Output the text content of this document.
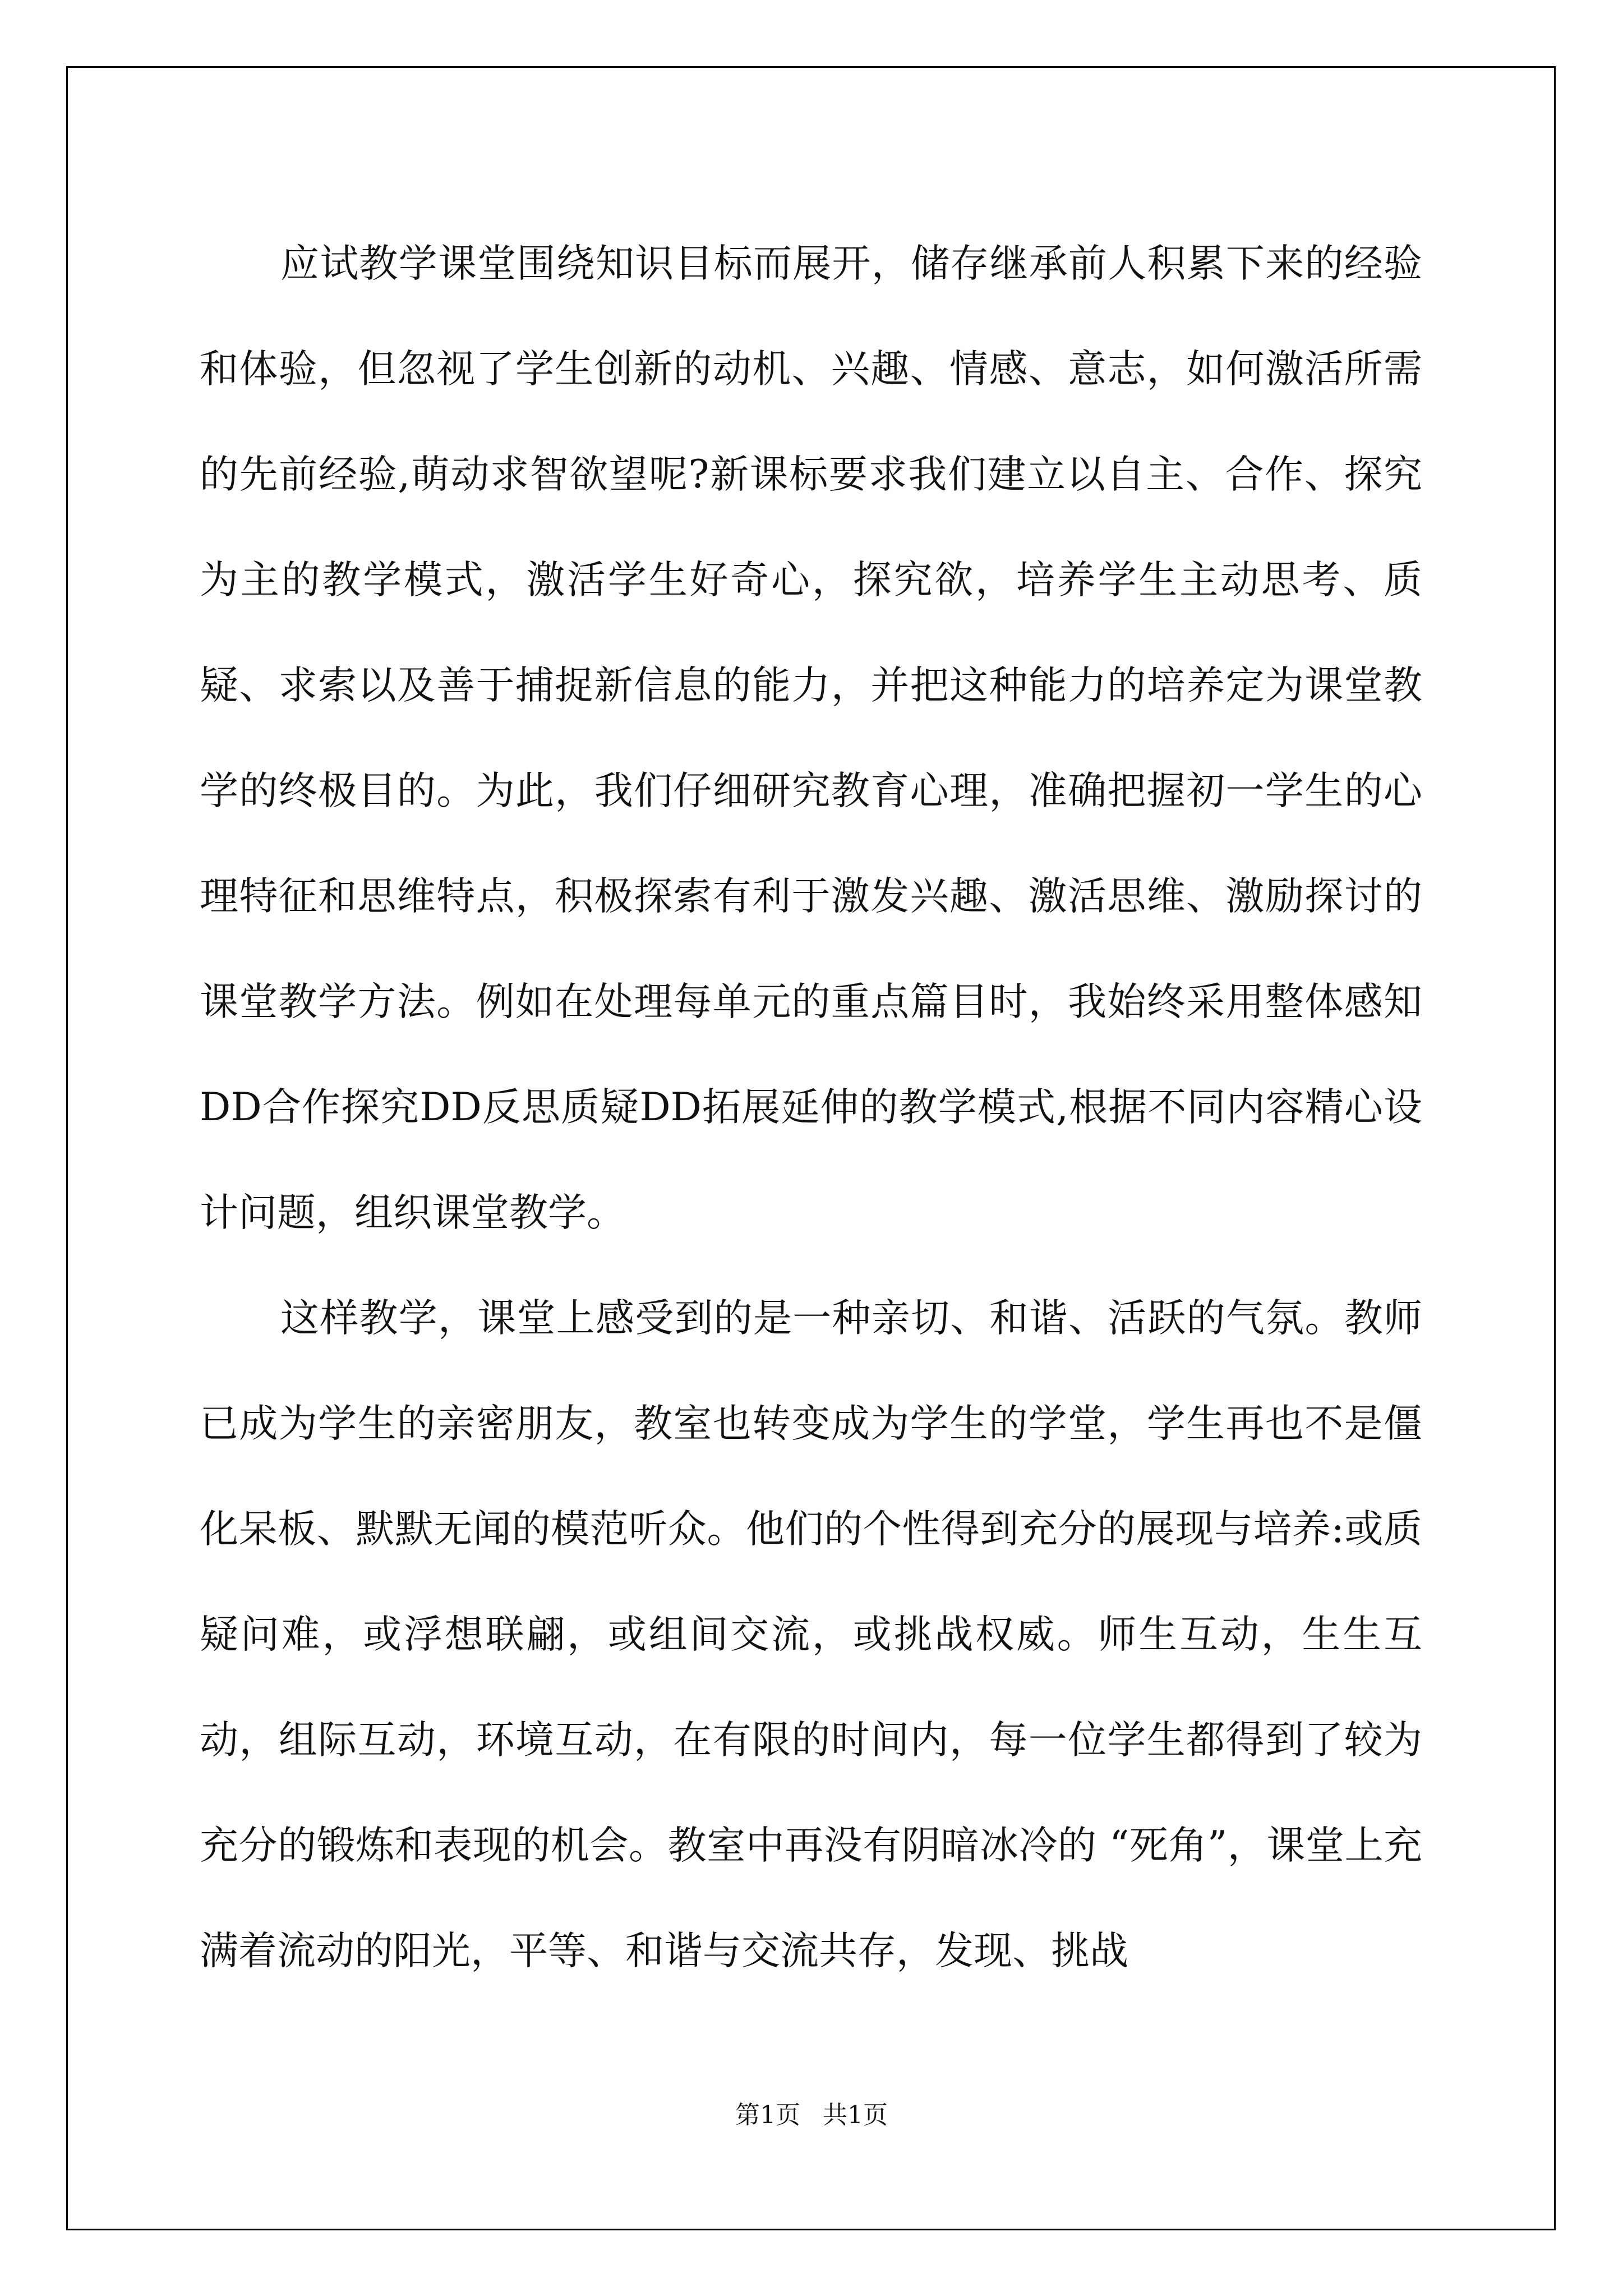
应试教学课堂围绕知识目标而展开，储存继承前人积累下来的经验和体验，但忽视了学生创新的动机、兴趣、情感、意志，如何激活所需的先前经验,萌动求智欲望呢?新课标要求我们建立以自主、合作、探究为主的教学模式，激活学生好奇心，探究欲，培养学生主动思考、质疑、求索以及善于捕捉新信息的能力，并把这种能力的培养定为课堂教学的终极目的。为此，我们仔细研究教育心理，准确把握初一学生的心理特征和思维特点，积极探索有利于激发兴趣、激活思维、激励探讨的课堂教学方法。例如在处理每单元的重点篇目时，我始终采用整体感知DD合作探究DD反思质疑DD拓展延伸的教学模式,根据不同内容精心设计问题，组织课堂教学。

这样教学，课堂上感受到的是一种亲切、和谐、活跃的气氛。教师已成为学生的亲密朋友，教室也转变成为学生的学堂，学生再也不是僵化呆板、默默无闻的模范听众。他们的个性得到充分的展现与培养:或质疑问难，或浮想联翩，或组间交流，或挑战权威。师生互动，生生互动，组际互动，环境互动，在有限的时间内，每一位学生都得到了较为充分的锻炼和表现的机会。教室中再没有阴暗冰冷的 “死角”，课堂上充满着流动的阳光，平等、和谐与交流共存，发现、挑战

第1页 共1页
